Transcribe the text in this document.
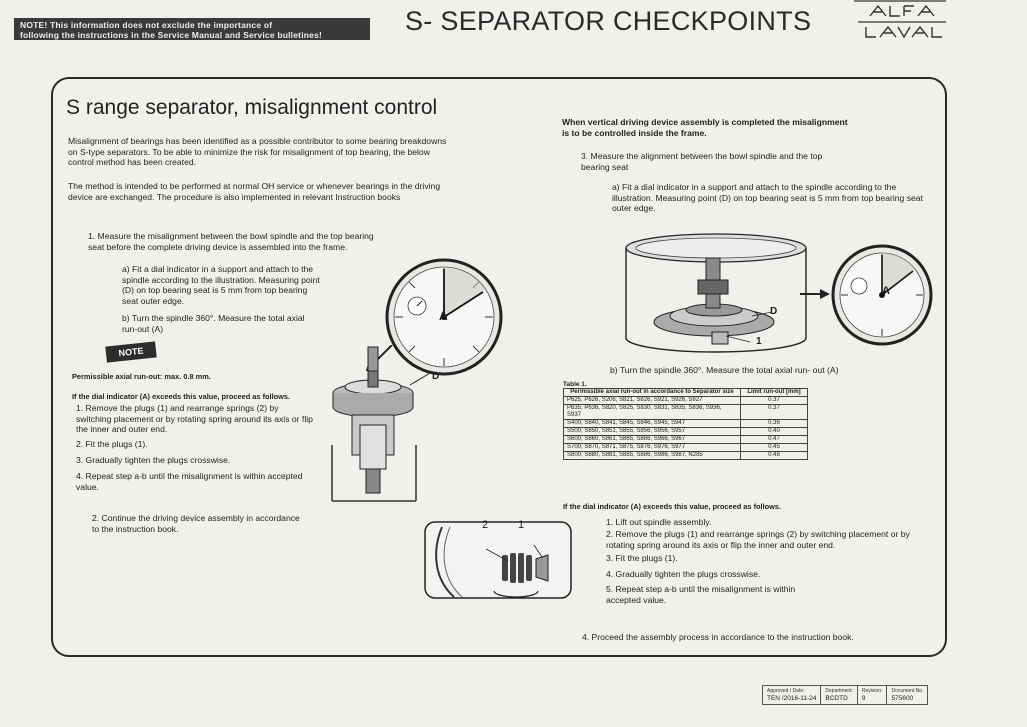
NOTE! This information does not exclude the importance of
following the instructions in the Service Manual and Service bulletines!	S- SEPARATOR CHECKPOINTS
S range separator, misalignment control
Misalignment of bearings has been identified as a possible contributor to some bearing breakdowns on S-type separators. To be able to minimize the risk for misalignment of top bearing, the below control method has been created.
The method is intended to be performed at normal OH service or whenever bearings in the driving device are exchanged. The procedure is also implemented in relevant Instruction books
1. Measure the misalignment between the bowl spindle and the top bearing seat before the complete driving device is assembled into the frame.
a) Fit a dial indicator in a support and attach to the spindle according to the illustration. Measuring point (D) on top bearing seat is 5 mm from top bearing seat outer edge.
b) Turn the spindle 360°. Measure the total axial run-out (A)
NOTE
Permissible axial run-out: max. 0.8 mm.
If the dial indicator (A) exceeds this value, proceed as follows.
1. Remove the plugs (1) and rearrange springs (2) by switching placement or by rotating spring around its axis or flip the inner and outer end.
2. Fit the plugs (1).
3. Gradually tighten the plugs crosswise.
4. Repeat step a-b until the misalignment is within accepted value.
2. Continue the driving device assembly in accordance to the instruction book.
A
D
2	1
When vertical driving device assembly is completed the misalignment is to be controlled inside the frame.
3. Measure the alignment between the bowl spindle and the top bearing seat
a) Fit a dial indicator in a support and attach to the spindle according to the illustration. Measuring point (D) on top bearing seat is 5 mm from top bearing seat outer edge.
D
1
A
b) Turn the spindle 360°. Measure the total axial run- out (A)
Table 1.
Permissible axial run-out in accordance to Separator size	Limit run-out [mm]
P625, P626, S206, S821, S826, S921, S926, S927	0.37
P635, P636, S820, S825, S830, S831, S835, S836, S936, S937	0.37
S400, S840, S841, S845, S846, S945, S947	0.36
S500, S850, S851, S855, S856, S956, S957	0.40
S600, S860, S861, S865, S866, S966, S967	0.47
S700, S870, S871, S875, S876, S976, S977	0.45
S800, S880, S881, S885, S886, S986, S987, N285	0.48
If the dial indicator (A) exceeds this value, proceed as follows.
1. Lift out spindle assembly.
2. Remove the plugs (1) and rearrange springs (2) by switching placement or by rotating spring around its axis or flip the inner and outer end.
3. Fit the plugs (1).
4. Gradually tighten the plugs crosswise.
5. Repeat step a-b until the misalignment is within accepted value.
4. Proceed the assembly process in accordance to the instruction book.
Approved / Date:
TEN /2016-11-24	
Department:
BCDTD	
Revision:
9	
Document No.
575600
